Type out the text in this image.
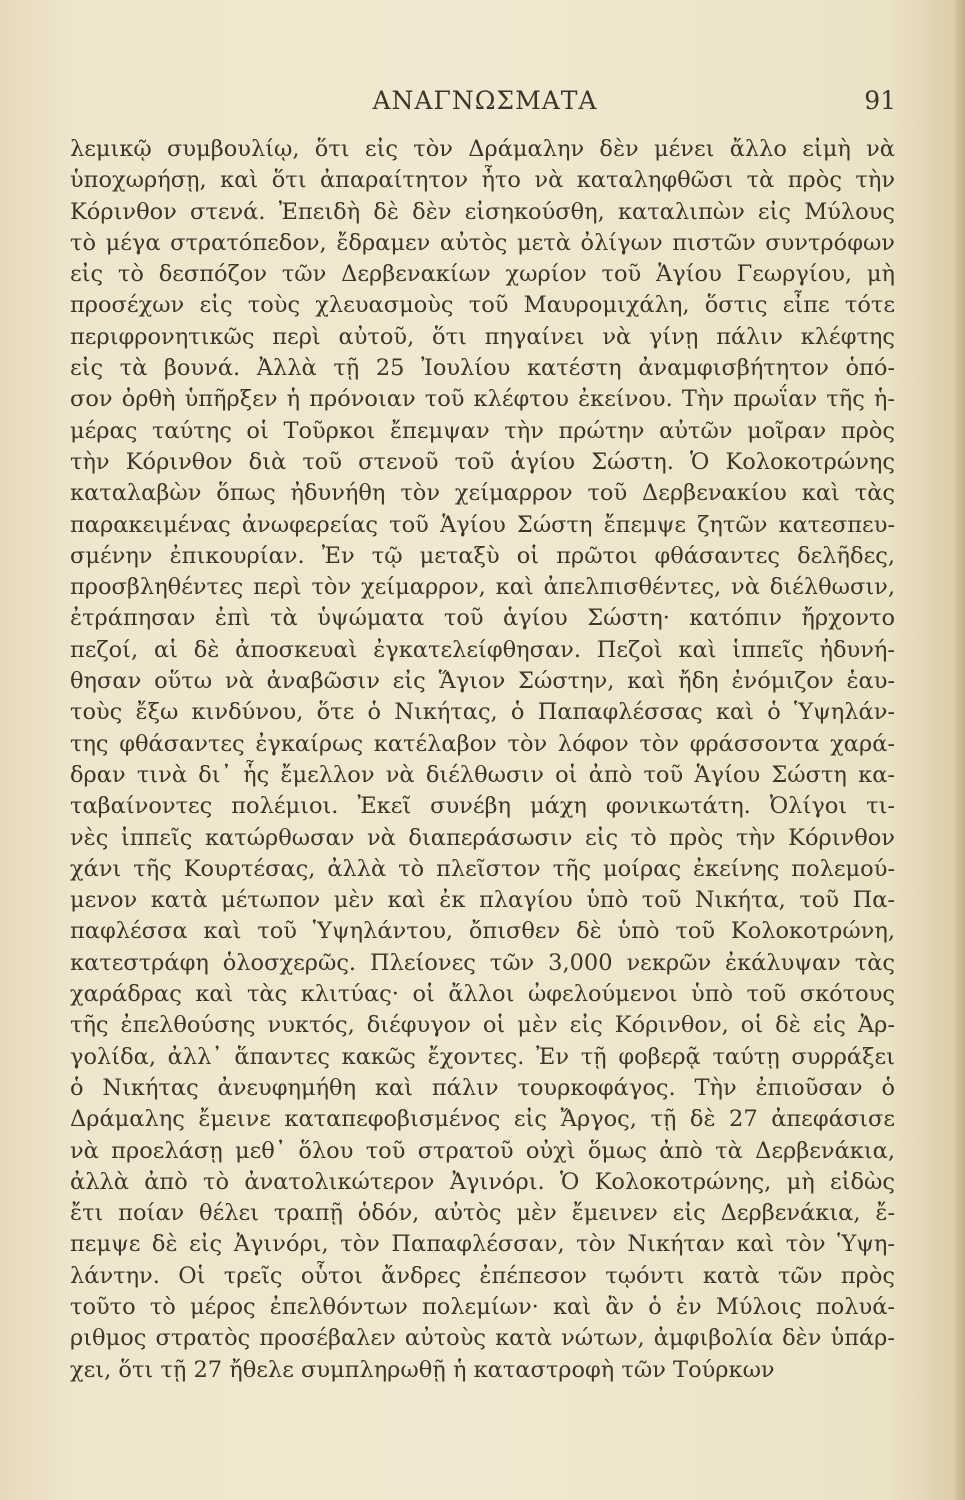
ΑΝΑΓΝΩΣΜΑΤΑ	91
λεμικῷ συμβουλίῳ, ὅτι εἰς τὸν Δράμαλην δὲν μένει ἄλλο εἰμὴ νὰ
ὑποχωρήσῃ, καὶ ὅτι ἀπαραίτητον ἦτο νὰ καταληφθῶσι τὰ πρὸς τὴν
Κόρινθον στενά. Ἐπειδὴ δὲ δὲν εἰσηκούσθη, καταλιπὼν εἰς Μύλους
τὸ μέγα στρατόπεδον, ἔδραμεν αὐτὸς μετὰ ὀλίγων πιστῶν συντρόφων
εἰς τὸ δεσπόζον τῶν Δερβενακίων χωρίον τοῦ Ἁγίου Γεωργίου, μὴ
προσέχων εἰς τοὺς χλευασμοὺς τοῦ Μαυρομιχάλη, ὅστις εἶπε τότε
περιφρονητικῶς περὶ αὐτοῦ, ὅτι πηγαίνει νὰ γίνῃ πάλιν κλέφτης
εἰς τὰ βουνά. Ἀλλὰ τῇ 25 Ἰουλίου κατέστη ἀναμφισβήτητον ὁπό-
σον ὀρθὴ ὑπῆρξεν ἡ πρόνοιαν τοῦ κλέφτου ἐκείνου. Τὴν πρωΐαν τῆς ἡ-
μέρας ταύτης οἱ Τοῦρκοι ἔπεμψαν τὴν πρώτην αὐτῶν μοῖραν πρὸς
τὴν Κόρινθον διὰ τοῦ στενοῦ τοῦ ἁγίου Σώστη. Ὁ Κολοκοτρώνης
καταλαβὼν ὅπως ἠδυνήθη τὸν χείμαρρον τοῦ Δερβενακίου καὶ τὰς
παρακειμένας ἀνωφερείας τοῦ Ἁγίου Σώστη ἔπεμψε ζητῶν κατεσπευ-
σμένην ἐπικουρίαν. Ἐν τῷ μεταξὺ οἱ πρῶτοι φθάσαντες δελῆδες,
προσβληθέντες περὶ τὸν χείμαρρον, καὶ ἀπελπισθέντες, νὰ διέλθωσιν,
ἐτράπησαν ἐπὶ τὰ ὑψώματα τοῦ ἁγίου Σώστη· κατόπιν ἤρχοντο
πεζοί, αἱ δὲ ἀποσκευαὶ ἐγκατελείφθησαν. Πεζοὶ καὶ ἱππεῖς ἠδυνή-
θησαν οὕτω νὰ ἀναβῶσιν εἰς Ἅγιον Σώστην, καὶ ἤδη ἐνόμιζον ἑαυ-
τοὺς ἔξω κινδύνου, ὅτε ὁ Νικήτας, ὁ Παπαφλέσσας καὶ ὁ Ὑψηλάν-
της φθάσαντες ἐγκαίρως κατέλαβον τὸν λόφον τὸν φράσσοντα χαρά-
δραν τινὰ δι᾽ ἧς ἔμελλον νὰ διέλθωσιν οἱ ἀπὸ τοῦ Ἁγίου Σώστη κα-
ταβαίνοντες πολέμιοι. Ἐκεῖ συνέβη μάχη φονικωτάτη. Ὀλίγοι τι-
νὲς ἱππεῖς κατώρθωσαν νὰ διαπεράσωσιν εἰς τὸ πρὸς τὴν Κόρινθον
χάνι τῆς Κουρτέσας, ἀλλὰ τὸ πλεῖστον τῆς μοίρας ἐκείνης πολεμού-
μενον κατὰ μέτωπον μὲν καὶ ἐκ πλαγίου ὑπὸ τοῦ Νικήτα, τοῦ Πα-
παφλέσσα καὶ τοῦ Ὑψηλάντου, ὄπισθεν δὲ ὑπὸ τοῦ Κολοκοτρώνη,
κατεστράφη ὁλοσχερῶς. Πλείονες τῶν 3,000 νεκρῶν ἐκάλυψαν τὰς
χαράδρας καὶ τὰς κλιτύας· οἱ ἄλλοι ὠφελούμενοι ὑπὸ τοῦ σκότους
τῆς ἐπελθούσης νυκτός, διέφυγον οἱ μὲν εἰς Κόρινθον, οἱ δὲ εἰς Ἀρ-
γολίδα, ἀλλ᾽ ἅπαντες κακῶς ἔχοντες. Ἐν τῇ φοβερᾷ ταύτῃ συρράξει
ὁ Νικήτας ἀνευφημήθη καὶ πάλιν τουρκοφάγος. Τὴν ἐπιοῦσαν ὁ
Δράμαλης ἔμεινε καταπεφοβισμένος εἰς Ἄργος, τῇ δὲ 27 ἀπεφάσισε
νὰ προελάσῃ μεθ᾽ ὅλου τοῦ στρατοῦ οὐχὶ ὅμως ἀπὸ τὰ Δερβενάκια,
ἀλλὰ ἀπὸ τὸ ἀνατολικώτερον Ἀγινόρι. Ὁ Κολοκοτρώνης, μὴ εἰδὼς
ἔτι ποίαν θέλει τραπῇ ὁδόν, αὐτὸς μὲν ἔμεινεν εἰς Δερβενάκια, ἔ-
πεμψε δὲ εἰς Ἀγινόρι, τὸν Παπαφλέσσαν, τὸν Νικήταν καὶ τὸν Ὑψη-
λάντην. Οἱ τρεῖς οὗτοι ἄνδρες ἐπέπεσον τῳόντι κατὰ τῶν πρὸς
τοῦτο τὸ μέρος ἐπελθόντων πολεμίων· καὶ ἂν ὁ ἐν Μύλοις πολυά-
ριθμος στρατὸς προσέβαλεν αὐτοὺς κατὰ νώτων, ἀμφιβολία δὲν ὑπάρ-
χει, ὅτι τῇ 27 ἤθελε συμπληρωθῇ ἡ καταστροφὴ τῶν Τούρκων
